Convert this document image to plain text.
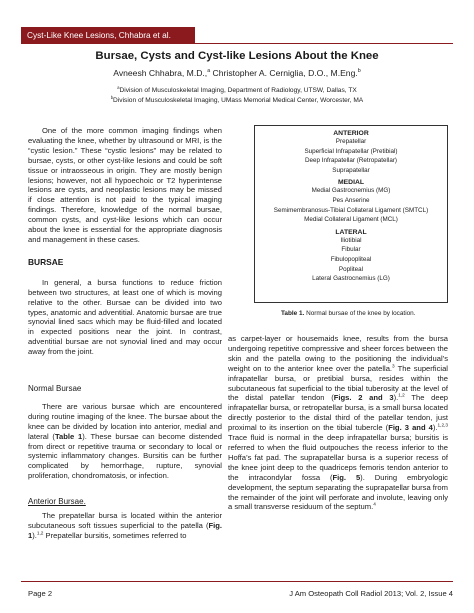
Cyst-Like Knee Lesions, Chhabra et al.
Bursae, Cysts and Cyst-like Lesions About the Knee
Avneesh Chhabra, M.D.,$^a$ Christopher A. Cerniglia, D.O., M.Eng.$^b$
$^a$Division of Musculoskeletal Imaging, Department of Radiology, UTSW, Dallas, TX
$^b$Division of Musculoskeletal Imaging, UMass Memorial Medical Center, Worcester, MA

One of the more common imaging findings when evaluating the knee, whether by ultrasound or MRI, is the “cystic lesion.” These “cystic lesions” may be related to bursae, cysts, or other cyst-like lesions and could be soft tissue or intraosseous in origin. They are mostly benign lesions; however, not all hypoechoic or T2 hyperintense lesions are cysts, and neoplastic lesions may be missed if close attention is not paid to the typical imaging findings. Therefore, knowledge of the normal bursae, common cysts, and cyst-like lesions which can occur about the knee is essential for the appropriate diagnosis and management in these cases.

BURSAE

In general, a bursa functions to reduce friction between two structures, at least one of which is moving relative to the other. Bursae can be divided into two types, anatomic and adventitial. Anatomic bursae are true synovial lined sacs which may be fluid-filled and located in expected positions near the joint. In contrast, adventitial bursae are not synovial lined and may occur away from the joint.

Normal Bursae

There are various bursae which are encountered during routine imaging of the knee. The bursae about the knee can be divided by location into anterior, medial and lateral (Table 1). These bursae can become distended from direct or repetitive trauma or secondary to local or systemic inflammatory changes. Bursitis can be further complicated by hemorrhage, rupture, synovial proliferation, chondromatosis, or infection.

Anterior Bursae.

The prepatellar bursa is located within the anterior subcutaneous soft tissues superficial to the patella (Fig. 1).$^{1,2}$ Prepatellar bursitis, sometimes referred to

ANTERIOR
Prepatellar
Superficial Infrapatellar (Pretibial)
Deep Infrapatellar (Retropatellar)
Suprapatellar
MEDIAL
Medial Gastrocnemius (MG)
Pes Anserine
Semimembranosus-Tibial Collateral Ligament (SMTCL)
Medial Collateral Ligament (MCL)
LATERAL
Iliotibial
Fibular
Fibulopopliteal
Popliteal
Lateral Gastrocnemius (LG)
Table 1. Normal bursae of the knee by location.

as carpet-layer or housemaids knee, results from the bursa undergoing repetitive compressive and sheer forces between the skin and the patella owing to the positioning the individual’s weight on to the anterior knee over the patella.$^3$ The superficial infrapatellar bursa, or pretibial bursa, resides within the subcutaneous fat superficial to the tibial tuberosity at the level of the distal patellar tendon (Figs. 2 and 3).$^{1,2}$ The deep infrapatellar bursa, or retropatellar bursa, is a small bursa located directly posterior to the distal third of the patellar tendon, just proximal to its insertion on the tibial tubercle (Fig. 3 and 4).$^{1,2,3}$ Trace fluid is normal in the deep infrapatellar bursa; bursitis is referred to when the fluid outpouches the recess inferior to the Hoffa’s fat pad. The suprapatellar bursa is a superior recess of the knee joint deep to the quadriceps femoris tendon anterior to the intracondylar fossa (Fig. 5). During embryologic development, the septum separating the suprapatellar bursa from the remainder of the joint will perforate and involute, leaving only a small transverse residuum of the septum.$^4$

Page 2	J Am Osteopath Coll Radiol 2013; Vol. 2, Issue 4
